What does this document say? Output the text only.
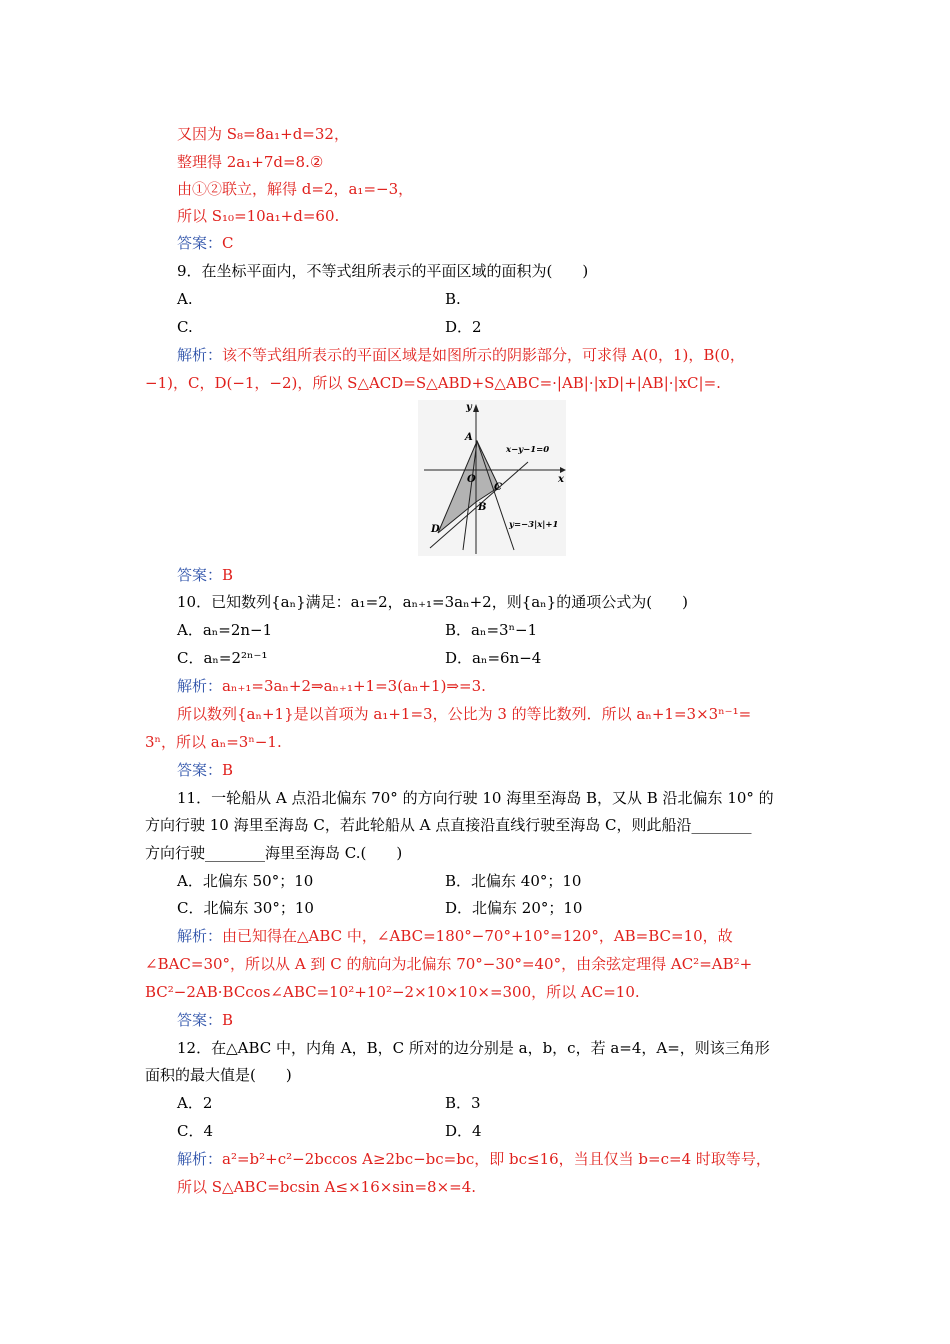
又因为 S₈=8a₁+d=32，
整理得 2a₁+7d=8.②
由①②联立，解得 d=2，a₁=−3，
所以 S₁₀=10a₁+d=60.
答案：C
9．在坐标平面内，不等式组所表示的平面区域的面积为(　　)
A.	B.
C.	D．2
解析：该不等式组所表示的平面区域是如图所示的阴影部分，可求得 A(0，1)，B(0，
−1)，C，D(−1，−2)，所以 S△ACD=S△ABD+S△ABC=·|AB|·|xD|+|AB|·|xC|=.
y
x
A
O
C
B
D
x−y−1=0
y=−3|x|+1
答案：B
10．已知数列{aₙ}满足：a₁=2，aₙ₊₁=3aₙ+2，则{aₙ}的通项公式为(　　)
A．aₙ=2n−1	B．aₙ=3ⁿ−1
C．aₙ=2²ⁿ⁻¹	D．aₙ=6n−4
解析：aₙ₊₁=3aₙ+2⇒aₙ₊₁+1=3(aₙ+1)⇒=3.
所以数列{aₙ+1}是以首项为 a₁+1=3，公比为 3 的等比数列．所以 aₙ+1=3×3ⁿ⁻¹=
3ⁿ，所以 aₙ=3ⁿ−1.
答案：B
11．一轮船从 A 点沿北偏东 70° 的方向行驶 10 海里至海岛 B，又从 B 沿北偏东 10° 的
方向行驶 10 海里至海岛 C，若此轮船从 A 点直接沿直线行驶至海岛 C，则此船沿________
方向行驶________海里至海岛 C.(　　)
A．北偏东 50°；10	B．北偏东 40°；10
C．北偏东 30°；10	D．北偏东 20°；10
解析：由已知得在△ABC 中，∠ABC=180°−70°+10°=120°，AB=BC=10，故
∠BAC=30°，所以从 A 到 C 的航向为北偏东 70°−30°=40°，由余弦定理得 AC²=AB²+
BC²−2AB·BCcos∠ABC=10²+10²−2×10×10×=300，所以 AC=10.
答案：B
12．在△ABC 中，内角 A，B，C 所对的边分别是 a，b，c，若 a=4，A=，则该三角形
面积的最大值是(　　)
A．2	B．3
C．4	D．4
解析：a²=b²+c²−2bccos A≥2bc−bc=bc，即 bc≤16，当且仅当 b=c=4 时取等号，
所以 S△ABC=bcsin A≤×16×sin=8×=4.
